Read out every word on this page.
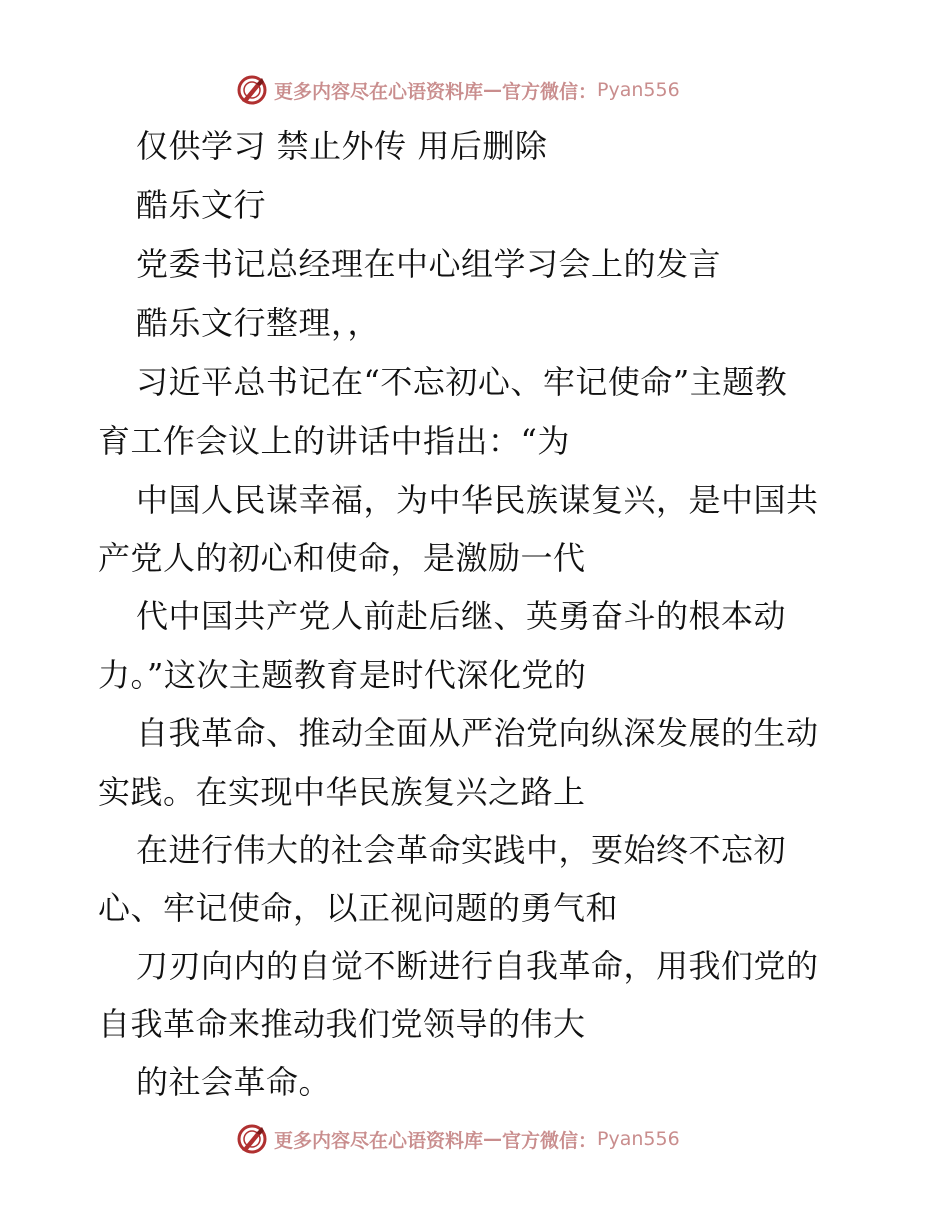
更多内容尽在心语资料库 — 官方微信： Pyan556
仅供学习 禁止外传 用后删除
酷乐文行
党委书记总经理在中心组学习会上的发言
酷乐文行整理，，
习近平总书记在“不忘初心、牢记使命”主题教
育工作会议上的讲话中指出：“为
中国人民谋幸福，为中华民族谋复兴，是中国共
产党人的初心和使命，是激励一代
代中国共产党人前赴后继、英勇奋斗的根本动
力。”这次主题教育是时代深化党的
自我革命、推动全面从严治党向纵深发展的生动
实践。在实现中华民族复兴之路上
在进行伟大的社会革命实践中，要始终不忘初
心、牢记使命，以正视问题的勇气和
刀刃向内的自觉不断进行自我革命，用我们党的
自我革命来推动我们党领导的伟大
的社会革命。
更多内容尽在心语资料库 — 官方微信： Pyan556
